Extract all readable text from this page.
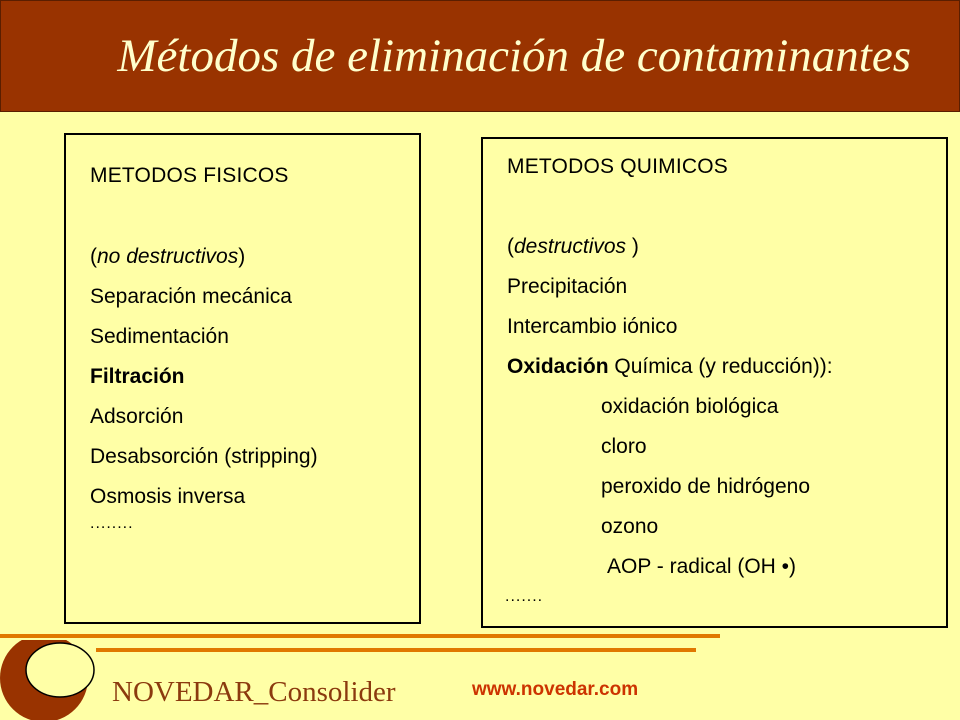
Métodos de eliminación de contaminantes
METODOS FISICOS
(no destructivos)
Separación mecánica
Sedimentación
Filtración
Adsorción
Desabsorción (stripping)
Osmosis inversa
........
METODOS QUIMICOS
(destructivos )
Precipitación
Intercambio iónico
Oxidación Química (y reducción)):
oxidación biológica
cloro
peroxido de hidrógeno
ozono
AOP - radical (OH •)
.......
NOVEDAR_Consolider	www.novedar.com
